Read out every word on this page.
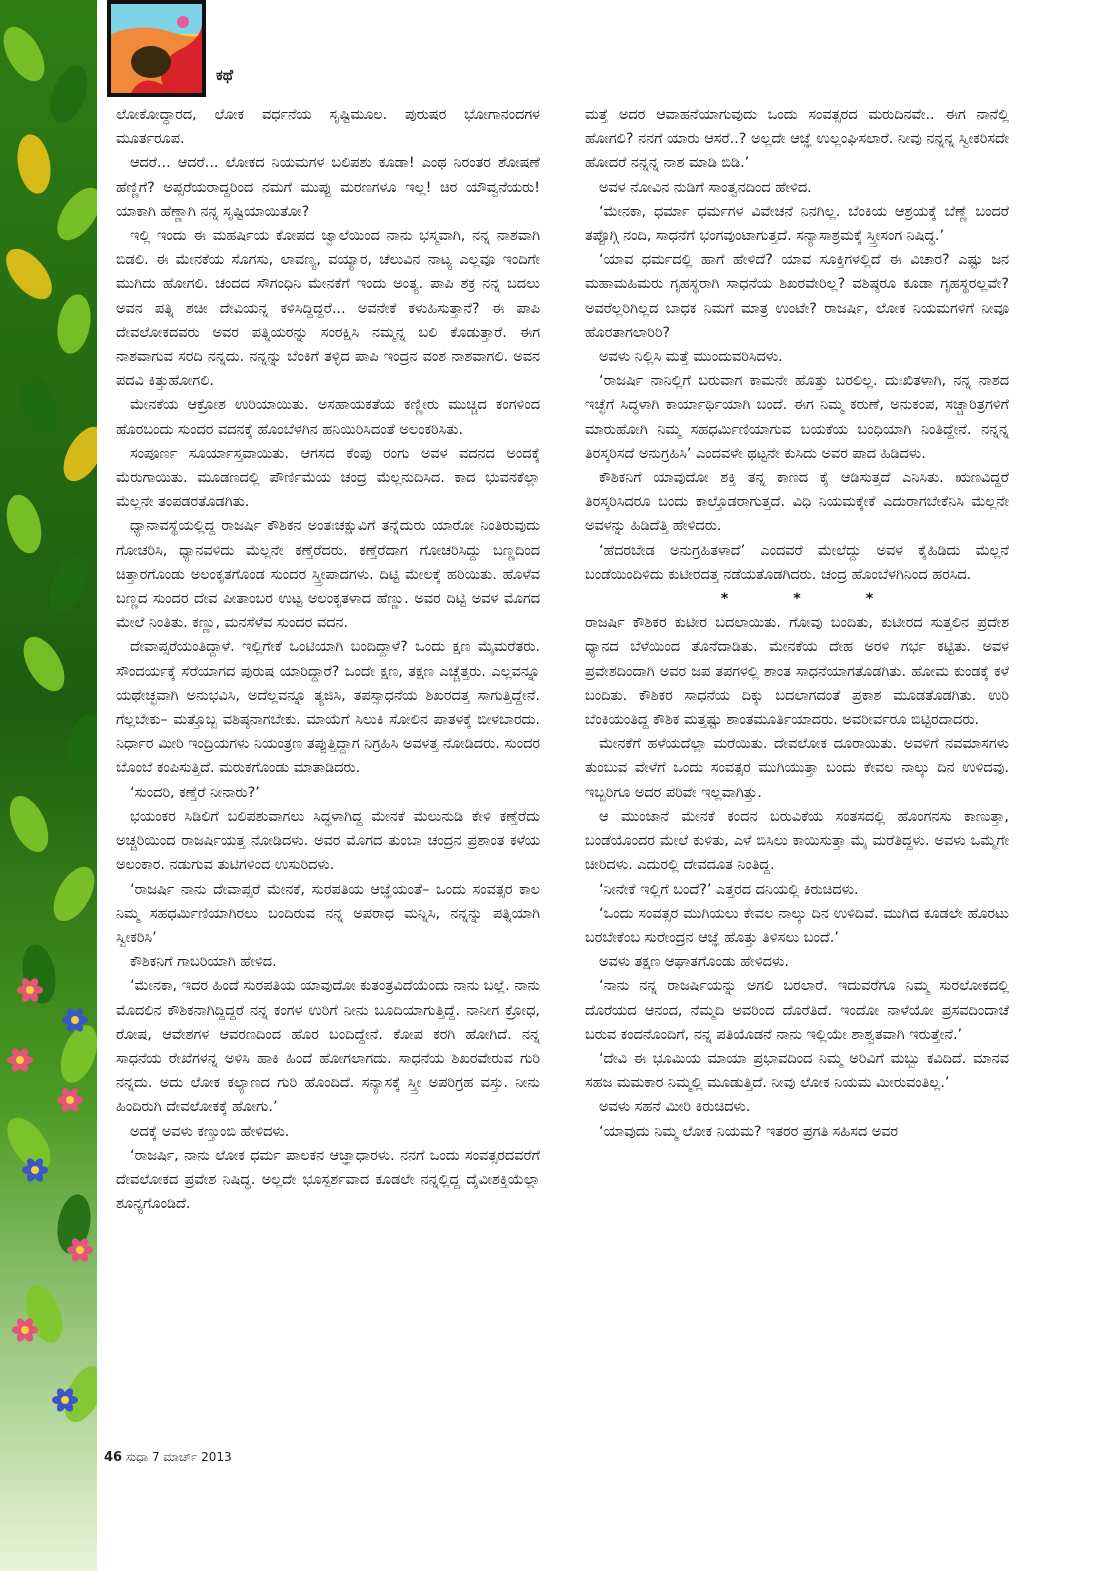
ಕಥೆ

ಲೋಕೋದ್ಧಾರದ, ಲೋಕ ವರ್ಧನೆಯ ಸೃಷ್ಟಿಮೂಲ. ಪುರುಷರ ಭೋಗಾನಂದಗಳ ಮೂರ್ತರೂಪ.

ಆದರೆ... ಆದರೆ... ಲೋಕದ ನಿಯಮಗಳ ಬಲಿಪಶು ಕೂಡಾ! ಎಂಥ ನಿರಂತರ ಶೋಷಣೆ ಹೆಣ್ಣಿಗೆ? ಅಪ್ಸರೆಯರಾದ್ದರಿಂದ ನಮಗೆ ಮುಪ್ಪು ಮರಣಗಳೂ ಇಲ್ಲ! ಚಿರ ಯೌವ್ವನೆಯರು! ಯಾಕಾಗಿ ಹೆಣ್ಣಾಗಿ ನನ್ನ ಸೃಷ್ಟಿಯಾಯಿತೋ?

ಇಲ್ಲಿ ಇಂದು ಈ ಮಹರ್ಷಿಯ ಕೋಪದ ಜ್ವಾಲೆಯಿಂದ ನಾನು ಭಸ್ಮವಾಗಿ, ನನ್ನ ನಾಶವಾಗಿ ಬಿಡಲಿ. ಈ ಮೇನಕೆಯ ಸೊಗಸು, ಲಾವಣ್ಯ, ವಯ್ಯಾರ, ಚೆಲುವಿನ ನಾಟ್ಯ ಎಲ್ಲವೂ ಇಂದಿಗೇ ಮುಗಿದು ಹೋಗಲಿ. ಚಂದದ ಸೌಗಂಧಿನಿ ಮೇನಕೆಗೆ ಇಂದು ಅಂತ್ಯ. ಪಾಪಿ ಶಕ್ರ ನನ್ನ ಬದಲು ಅವನ ಪತ್ನಿ ಶಚೀ ದೇವಿಯನ್ನ ಕಳಿಸಿದ್ದಿದ್ದರೆ... ಅವನೇಕೆ ಕಳುಹಿಸುತ್ತಾನೆ? ಈ ಪಾಪಿ ದೇವಲೋಕದವರು ಅವರ ಪತ್ನಿಯರನ್ನು ಸಂರಕ್ಷಿಸಿ ನಮ್ಮನ್ನ ಬಲಿ ಕೊಡುತ್ತಾರೆ. ಈಗ ನಾಶವಾಗುವ ಸರದಿ ನನ್ನದು. ನನ್ನನ್ನು ಬೆಂಕಿಗೆ ತಳ್ಳಿದ ಪಾಪಿ ಇಂದ್ರನ ವಂಶ ನಾಶವಾಗಲಿ. ಅವನ ಪದವಿ ಕಿತ್ತುಹೋಗಲಿ.

ಮೇನಕೆಯ ಆಕ್ರೋಶ ಉರಿಯಾಯಿತು. ಅಸಹಾಯಕತೆಯ ಕಣ್ಣೀರು ಮುಚ್ಚಿದ ಕಂಗಳಿಂದ ಹೊರಬಂದು ಸುಂದರ ವದನಕ್ಕೆ ಹೊಂಬೆಳಗಿನ ಹನಿಯಿರಿಸಿದಂತೆ ಅಲಂಕರಿಸಿತು.

ಸಂಪೂರ್ಣ ಸೂರ್ಯಾಸ್ತವಾಯಿತು. ಆಗಸದ ಕೆಂಪು ರಂಗು ಅವಳ ವದನದ ಅಂದಕ್ಕೆ ಮೆರುಗಾಯಿತು. ಮೂಡಣದಲ್ಲಿ ಪೌರ್ಣಿಮೆಯ ಚಂದ್ರ ಮೆಲ್ಲನುದಿಸಿದ. ಕಾದ ಭುವನಕೆಲ್ಲಾ ಮೆಲ್ಲನೇ ತಂಪಡರತೊಡಗಿತು.

ಧ್ಯಾನಾವಸ್ಥೆಯಲ್ಲಿದ್ದ ರಾಜರ್ಷಿ ಕೌಶಿಕನ ಅಂತಃಚಕ್ಷುವಿಗೆ ತನ್ನೆದುರು ಯಾರೋ ನಿಂತಿರುವುದು ಗೋಚರಿಸಿ, ಧ್ಯಾನವಳಿದು ಮೆಲ್ಲನೇ ಕಣ್ತೆರೆದರು. ಕಣ್ತೆರೆದಾಗ ಗೋಚರಿಸಿದ್ದು ಬಣ್ಣದಿಂದ ಚಿತ್ತಾರಗೊಂಡು ಅಲಂಕೃತಗೊಂಡ ಸುಂದರ ಸ್ತ್ರೀಪಾದಗಳು. ದಿಟ್ಟಿ ಮೇಲಕ್ಕೆ ಹರಿಯಿತು. ಹೊಳೆವ ಬಣ್ಣದ ಸುಂದರ ದೇವ ಪೀತಾಂಬರ ಉಟ್ಟ ಅಲಂಕೃತಳಾದ ಹೆಣ್ಣು. ಅವರ ದಿಟ್ಟಿ ಅವಳ ಮೊಗದ ಮೇಲೆ ನಿಂತಿತು. ಕಣ್ಣು, ಮನಸೆಳೆವ ಸುಂದರ ವದನ.

ದೇವಾಪ್ಸರೆಯಂತಿದ್ದಾಳೆ. ಇಲ್ಲಿಗೇಕೆ ಒಂಟಿಯಾಗಿ ಬಂದಿದ್ದಾಳೆ? ಒಂದು ಕ್ಷಣ ಮೈಮರೆತರು. ಸೌಂದರ್ಯಕ್ಕೆ ಸೆರೆಯಾಗದ ಪುರುಷ ಯಾರಿದ್ದಾರೆ? ಒಂದೇ ಕ್ಷಣ, ತಕ್ಷಣ ಎಚ್ಚೆತ್ತರು. ಎಲ್ಲವನ್ನೂ ಯಥೇಚ್ಛವಾಗಿ ಅನುಭವಿಸಿ, ಅದೆಲ್ಲವನ್ನೂ ತ್ಯಜಿಸಿ, ತಪಸ್ಸಾಧನೆಯ ಶಿಖರದತ್ತ ಸಾಗುತ್ತಿದ್ದೇನೆ. ಗೆಲ್ಲಬೇಕು– ಮತ್ತೊಬ್ಬ ವಶಿಷ್ಠನಾಗಬೇಕು. ಮಾಯೆಗೆ ಸಿಲುಕಿ ಸೋಲಿನ ಪಾತಳಕ್ಕೆ ಬೀಳಬಾರದು. ನಿರ್ಧಾರ ಮೀರಿ ಇಂದ್ರಿಯಗಳು ನಿಯಂತ್ರಣ ತಪ್ಪುತ್ತಿದ್ದಾಗ ನಿಗ್ರಹಿಸಿ ಅವಳತ್ತ ನೋಡಿದರು. ಸುಂದರ ಬೊಂಬೆ ಕಂಪಿಸುತ್ತಿದೆ. ಮರುಕಗೊಂಡು ಮಾತಾಡಿದರು.

‘ಸುಂದರಿ, ಕಣ್ತೆರೆ ನೀನಾರು?’

ಭಯಂಕರ ಸಿಡಿಲಿಗೆ ಬಲಿಪಶುವಾಗಲು ಸಿದ್ಧಳಾಗಿದ್ದ ಮೇನಕೆ ಮೆಲುನುಡಿ ಕೇಳಿ ಕಣ್ತೆರೆದು ಅಚ್ಚರಿಯಿಂದ ರಾಜರ್ಷಿಯತ್ತ ನೋಡಿದಳು. ಅವರ ಮೊಗದ ತುಂಬಾ ಚಂದ್ರನ ಪ್ರಶಾಂತ ಕಳೆಯ ಅಲಂಕಾರ. ನಡುಗುವ ತುಟಿಗಳಿಂದ ಉಸುರಿದಳು.

‘ರಾಜರ್ಷಿ ನಾನು ದೇವಾಪ್ಸರೆ ಮೇನಕೆ, ಸುರಪತಿಯ ಆಜ್ಞೆಯಂತೆ– ಒಂದು ಸಂವತ್ಸರ ಕಾಲ ನಿಮ್ಮ ಸಹಧರ್ಮಿಣಿಯಾಗಿರಲು ಬಂದಿರುವ ನನ್ನ ಅಪರಾಧ ಮನ್ನಿಸಿ, ನನ್ನನ್ನು ಪತ್ನಿಯಾಗಿ ಸ್ವೀಕರಿಸಿ’

ಕೌಶಿಕನಿಗೆ ಗಾಬರಿಯಾಗಿ ಹೇಳಿದ.

‘ಮೇನಕಾ, ಇದರ ಹಿಂದೆ ಸುರಪತಿಯ ಯಾವುದೋ ಕುತಂತ್ರವಿದೆಯೆಂದು ನಾನು ಬಲ್ಲೆ. ನಾನು ಮೊದಲಿನ ಕೌಶಿಕನಾಗಿದ್ದಿದ್ದರೆ ನನ್ನ ಕಂಗಳ ಉರಿಗೆ ನೀನು ಬೂದಿಯಾಗುತ್ತಿದ್ದೆ. ನಾನೀಗ ಕ್ರೋಧ, ರೋಷ, ಆವೇಶಗಳ ಆವರಣದಿಂದ ಹೊರ ಬಂದಿದ್ದೇನೆ. ಕೋಪ ಕರಗಿ ಹೋಗಿದೆ. ನನ್ನ ಸಾಧನೆಯ ರೇಖೆಗಳನ್ನ ಅಳಿಸಿ ಹಾಕಿ ಹಿಂದೆ ಹೋಗಲಾಗದು. ಸಾಧನೆಯ ಶಿಖರವೇರುವ ಗುರಿ ನನ್ನದು. ಅದು ಲೋಕ ಕಲ್ಯಾಣದ ಗುರಿ ಹೊಂದಿದೆ. ಸನ್ಯಾಸಕ್ಕೆ ಸ್ತ್ರೀ ಅಪರಿಗ್ರಹ ವಸ್ತು. ನೀನು ಹಿಂದಿರುಗಿ ದೇವಲೋಕಕ್ಕೆ ಹೋಗು.’

ಅದಕ್ಕೆ ಅವಳು ಕಣ್ತುಂಬಿ ಹೇಳಿದಳು.

‘ರಾಜರ್ಷಿ, ನಾನು ಲೋಕ ಧರ್ಮ ಪಾಲಕನ ಆಜ್ಞಾಧಾರಳು. ನನಗೆ ಒಂದು ಸಂವತ್ಸರದವರೆಗೆ ದೇವಲೋಕದ ಪ್ರವೇಶ ನಿಷಿದ್ಧ. ಅಲ್ಲದೇ ಭೂಸ್ಪರ್ಶವಾದ ಕೂಡಲೇ ನನ್ನಲ್ಲಿದ್ದ ದೈವೀಶಕ್ತಿಯೆಲ್ಲಾ ಶೂನ್ಯಗೊಂಡಿದೆ.

ಮತ್ತೆ ಅದರ ಆವಾಹನೆಯಾಗುವುದು ಒಂದು ಸಂವತ್ಸರದ ಮರುದಿನವೇ.. ಈಗ ನಾನೆಲ್ಲಿ ಹೋಗಲಿ? ನನಗೆ ಯಾರು ಆಸರೆ..? ಅಲ್ಲದೇ ಆಜ್ಞೆ ಉಲ್ಲಂಘಿಸಲಾರೆ. ನೀವು ನನ್ನನ್ನ ಸ್ವೀಕರಿಸದೇ ಹೋದರೆ ನನ್ನನ್ನ ನಾಶ ಮಾಡಿ ಬಿಡಿ.’

ಅವಳ ನೋವಿನ ನುಡಿಗೆ ಸಾಂತ್ವನದಿಂದ ಹೇಳಿದ.

‘ಮೇನಕಾ, ಧರ್ಮಾ ಧರ್ಮಗಳ ವಿವೇಚನೆ ನಿನಗಿಲ್ಲ. ಬೆಂಕಿಯ ಆಶ್ರಯಕ್ಕೆ ಬೆಣ್ಣೆ ಬಂದರೆ ತಪ್ಪೊಗ್ಗಿ ನಂದಿ, ಸಾಧನೆಗೆ ಭಂಗವುಂಟಾಗುತ್ತದೆ. ಸನ್ಯಾಸಾಶ್ರಮಕ್ಕೆ ಸ್ತ್ರೀಸಂಗ ನಿಷಿದ್ಧ.’

‘ಯಾವ ಧರ್ಮದಲ್ಲಿ ಹಾಗೆ ಹೇಳಿದೆ? ಯಾವ ಸೂಕ್ತಿಗಳಲ್ಲಿದೆ ಈ ವಿಚಾರ? ಎಷ್ಟು ಜನ ಮಹಾಮಹಿಮರು ಗೃಹಸ್ಥರಾಗಿ ಸಾಧನೆಯ ಶಿಖರವೇರಿಲ್ಲ? ವಶಿಷ್ಠರೂ ಕೂಡಾ ಗೃಹಸ್ಥರಲ್ಲವೇ? ಅವರೆಲ್ಲರಿಗಿಲ್ಲದ ಬಾಧಕ ನಿಮಗೆ ಮಾತ್ರ ಉಂಟೇ? ರಾಜರ್ಷಿ, ಲೋಕ ನಿಯಮಗಳಿಗೆ ನೀವೂ ಹೊರತಾಗಲಾರಿರಿ?

ಅವಳು ನಿಲ್ಲಿಸಿ ಮತ್ತೆ ಮುಂದುವರಿಸಿದಳು.

‘ರಾಜರ್ಷಿ ನಾನಿಲ್ಲಿಗೆ ಬರುವಾಗ ಕಾಮನೇ ಹೊತ್ತು ಬರಲಿಲ್ಲ. ದುಃಖಿತಳಾಗಿ, ನನ್ನ ನಾಶದ ಇಚ್ಛೆಗೆ ಸಿದ್ಧಳಾಗಿ ಕಾರ್ಯಾರ್ಥಿಯಾಗಿ ಬಂದೆ. ಈಗ ನಿಮ್ಮ ಕರುಣೆ, ಅನುಕಂಪ, ಸಚ್ಚಾರಿತ್ರಗಳಿಗೆ ಮಾರುಹೋಗಿ ನಿಮ್ಮ ಸಹಧರ್ಮಿಣಿಯಾಗುವ ಬಯಕೆಯ ಬಂಧಿಯಾಗಿ ನಿಂತಿದ್ದೇನೆ. ನನ್ನನ್ನ ತಿರಸ್ಕರಿಸದೆ ಅನುಗ್ರಹಿಸಿ’ ಎಂದವಳೇ ಥಟ್ಟನೇ ಕುಸಿದು ಅವರ ಪಾದ ಹಿಡಿದಳು.

ಕೌಶಿಕನಿಗೆ ಯಾವುದೋ ಶಕ್ತಿ ತನ್ನ ಕಾಣದ ಕೈ ಆಡಿಸುತ್ತದೆ ಎನಿಸಿತು. ಋಣವಿದ್ದರೆ ತಿರಸ್ಕರಿಸಿದರೂ ಬಂದು ಕಾಲ್ತೊಡರಾಗುತ್ತದೆ. ವಿಧಿ ನಿಯಮಕ್ಕೇಕೆ ಎದುರಾಗಬೇಕೆನಿಸಿ ಮೆಲ್ಲನೇ ಅವಳನ್ನು ಹಿಡಿದೆತ್ತಿ ಹೇಳಿದರು.

‘ಹೆದರಬೇಡ ಅನುಗ್ರಹಿತಳಾದೆ’ ಎಂದವರೆ ಮೇಲೆದ್ದು ಅವಳ ಕೈಹಿಡಿದು ಮೆಲ್ಲನೆ ಬಂಡೆಯಿಂದಿಳಿದು ಕುಟೀರದತ್ತ ನಡೆಯತೊಡಗಿದರು. ಚಂದ್ರ ಹೊಂಬೆಳಗಿನಿಂದ ಹರಸಿದ.

* * *

ರಾಜರ್ಷಿ ಕೌಶಿಕರ ಕುಟೀರ ಬದಲಾಯಿತು. ಗೋವು ಬಂದಿತು, ಕುಟೀರದ ಸುತ್ತಲಿನ ಪ್ರದೇಶ ಧ್ಯಾನದ ಬೆಳೆಯಿಂದ ತೊನೆದಾಡಿತು. ಮೇನಕೆಯ ದೇಹ ಅರಳಿ ಗರ್ಭ ಕಟ್ಟಿತು. ಅವಳ ಪ್ರವೇಶದಿಂದಾಗಿ ಅವರ ಜಪ ತಪಗಳಲ್ಲಿ ಶಾಂತ ಸಾಧನೆಯಾಗತೊಡಗಿತು. ಹೋಮ ಕುಂಡಕ್ಕೆ ಕಳೆ ಬಂದಿತು. ಕೌಶಿಕರ ಸಾಧನೆಯ ದಿಕ್ಕು ಬದಲಾಗದಂತೆ ಪ್ರಕಾಶ ಮೂಡತೊಡಗಿತು. ಉರಿ ಬೆಂಕಿಯಂತಿದ್ದ ಕೌಶಿಕ ಮತ್ತಷ್ಟು ಶಾಂತಮೂರ್ತಿಯಾದರು. ಅವರೀರ್ವರೂ ಬಿಟ್ಟಿರದಾದರು.

ಮೇನಕೆಗೆ ಹಳೆಯದೆಲ್ಲಾ ಮರೆಯಿತು. ದೇವಲೋಕ ದೂರಾಯಿತು. ಅವಳಿಗೆ ನವಮಾಸಗಳು ತುಂಬುವ ವೇಳೆಗೆ ಒಂದು ಸಂವತ್ಸರ ಮುಗಿಯುತ್ತಾ ಬಂದು ಕೇವಲ ನಾಲ್ಕು ದಿನ ಉಳಿದವು. ಇಬ್ಬರಿಗೂ ಅದರ ಪರಿವೇ ಇಲ್ಲವಾಗಿತ್ತು.

ಆ ಮುಂಜಾನೆ ಮೇನಕೆ ಕಂದನ ಬರುವಿಕೆಯ ಸಂತಸದಲ್ಲಿ ಹೊಂಗನಸು ಕಾಣುತ್ತಾ, ಬಂಡೆಯೊಂದರ ಮೇಲೆ ಕುಳಿತು, ಎಳೆ ಬಿಸಿಲು ಕಾಯಿಸುತ್ತಾ ಮೈ ಮರೆತಿದ್ದಳು. ಅವಳು ಒಮ್ಮೆಗೇ ಚೀರಿದಳು. ಎದುರಲ್ಲಿ ದೇವದೂತ ನಿಂತಿದ್ದ.

‘ನೀನೇಕೆ ಇಲ್ಲಿಗೆ ಬಂದೆ?’ ಎತ್ತರದ ದನಿಯಲ್ಲಿ ಕಿರುಚಿದಳು.

‘ಒಂದು ಸಂವತ್ಸರ ಮುಗಿಯಲು ಕೇವಲ ನಾಲ್ಕು ದಿನ ಉಳಿದಿವೆ. ಮುಗಿದ ಕೂಡಲೇ ಹೊರಟು ಬರಬೇಕೆಂಬ ಸುರೇಂದ್ರನ ಆಜ್ಞೆ ಹೊತ್ತು ತಿಳಿಸಲು ಬಂದೆ.’

ಅವಳು ತಕ್ಷಣ ಆಘಾತಗೊಂಡು ಹೇಳಿದಳು.

‘ನಾನು ನನ್ನ ರಾಜರ್ಷಿಯನ್ನು ಅಗಲಿ ಬರಲಾರೆ. ಇದುವರೆಗೂ ನಿಮ್ಮ ಸುರಲೋಕದಲ್ಲಿ ದೊರೆಯದ ಆನಂದ, ನೆಮ್ಮದಿ ಅವರಿಂದ ದೊರೆತಿದೆ. ಇಂದೋ ನಾಳೆಯೋ ಪ್ರಸವದಿಂದಾಚೆ ಬರುವ ಕಂದನೊಂದಿಗೆ, ನನ್ನ ಪತಿಯೊಡನೆ ನಾನು ಇಲ್ಲಿಯೇ ಶಾಶ್ವತವಾಗಿ ಇರುತ್ತೇನೆ.’

‘ದೇವಿ ಈ ಭೂಮಿಯ ಮಾಯಾ ಪ್ರಭಾವದಿಂದ ನಿಮ್ಮ ಅರಿವಿಗೆ ಮಬ್ಬು ಕವಿದಿದೆ. ಮಾನವ ಸಹಜ ಮಮಕಾರ ನಿಮ್ಮಲ್ಲಿ ಮೂಡುತ್ತಿದೆ. ನೀವು ಲೋಕ ನಿಯಮ ಮೀರುವಂತಿಲ್ಲ.’

ಅವಳು ಸಹನೆ ಮೀರಿ ಕಿರುಚಿದಳು.

‘ಯಾವುದು ನಿಮ್ಮ ಲೋಕ ನಿಯಮ? ಇತರರ ಪ್ರಗತಿ ಸಹಿಸದ ಅವರ

46 ಸುಧಾ 7 ಮಾರ್ಚ್ 2013
